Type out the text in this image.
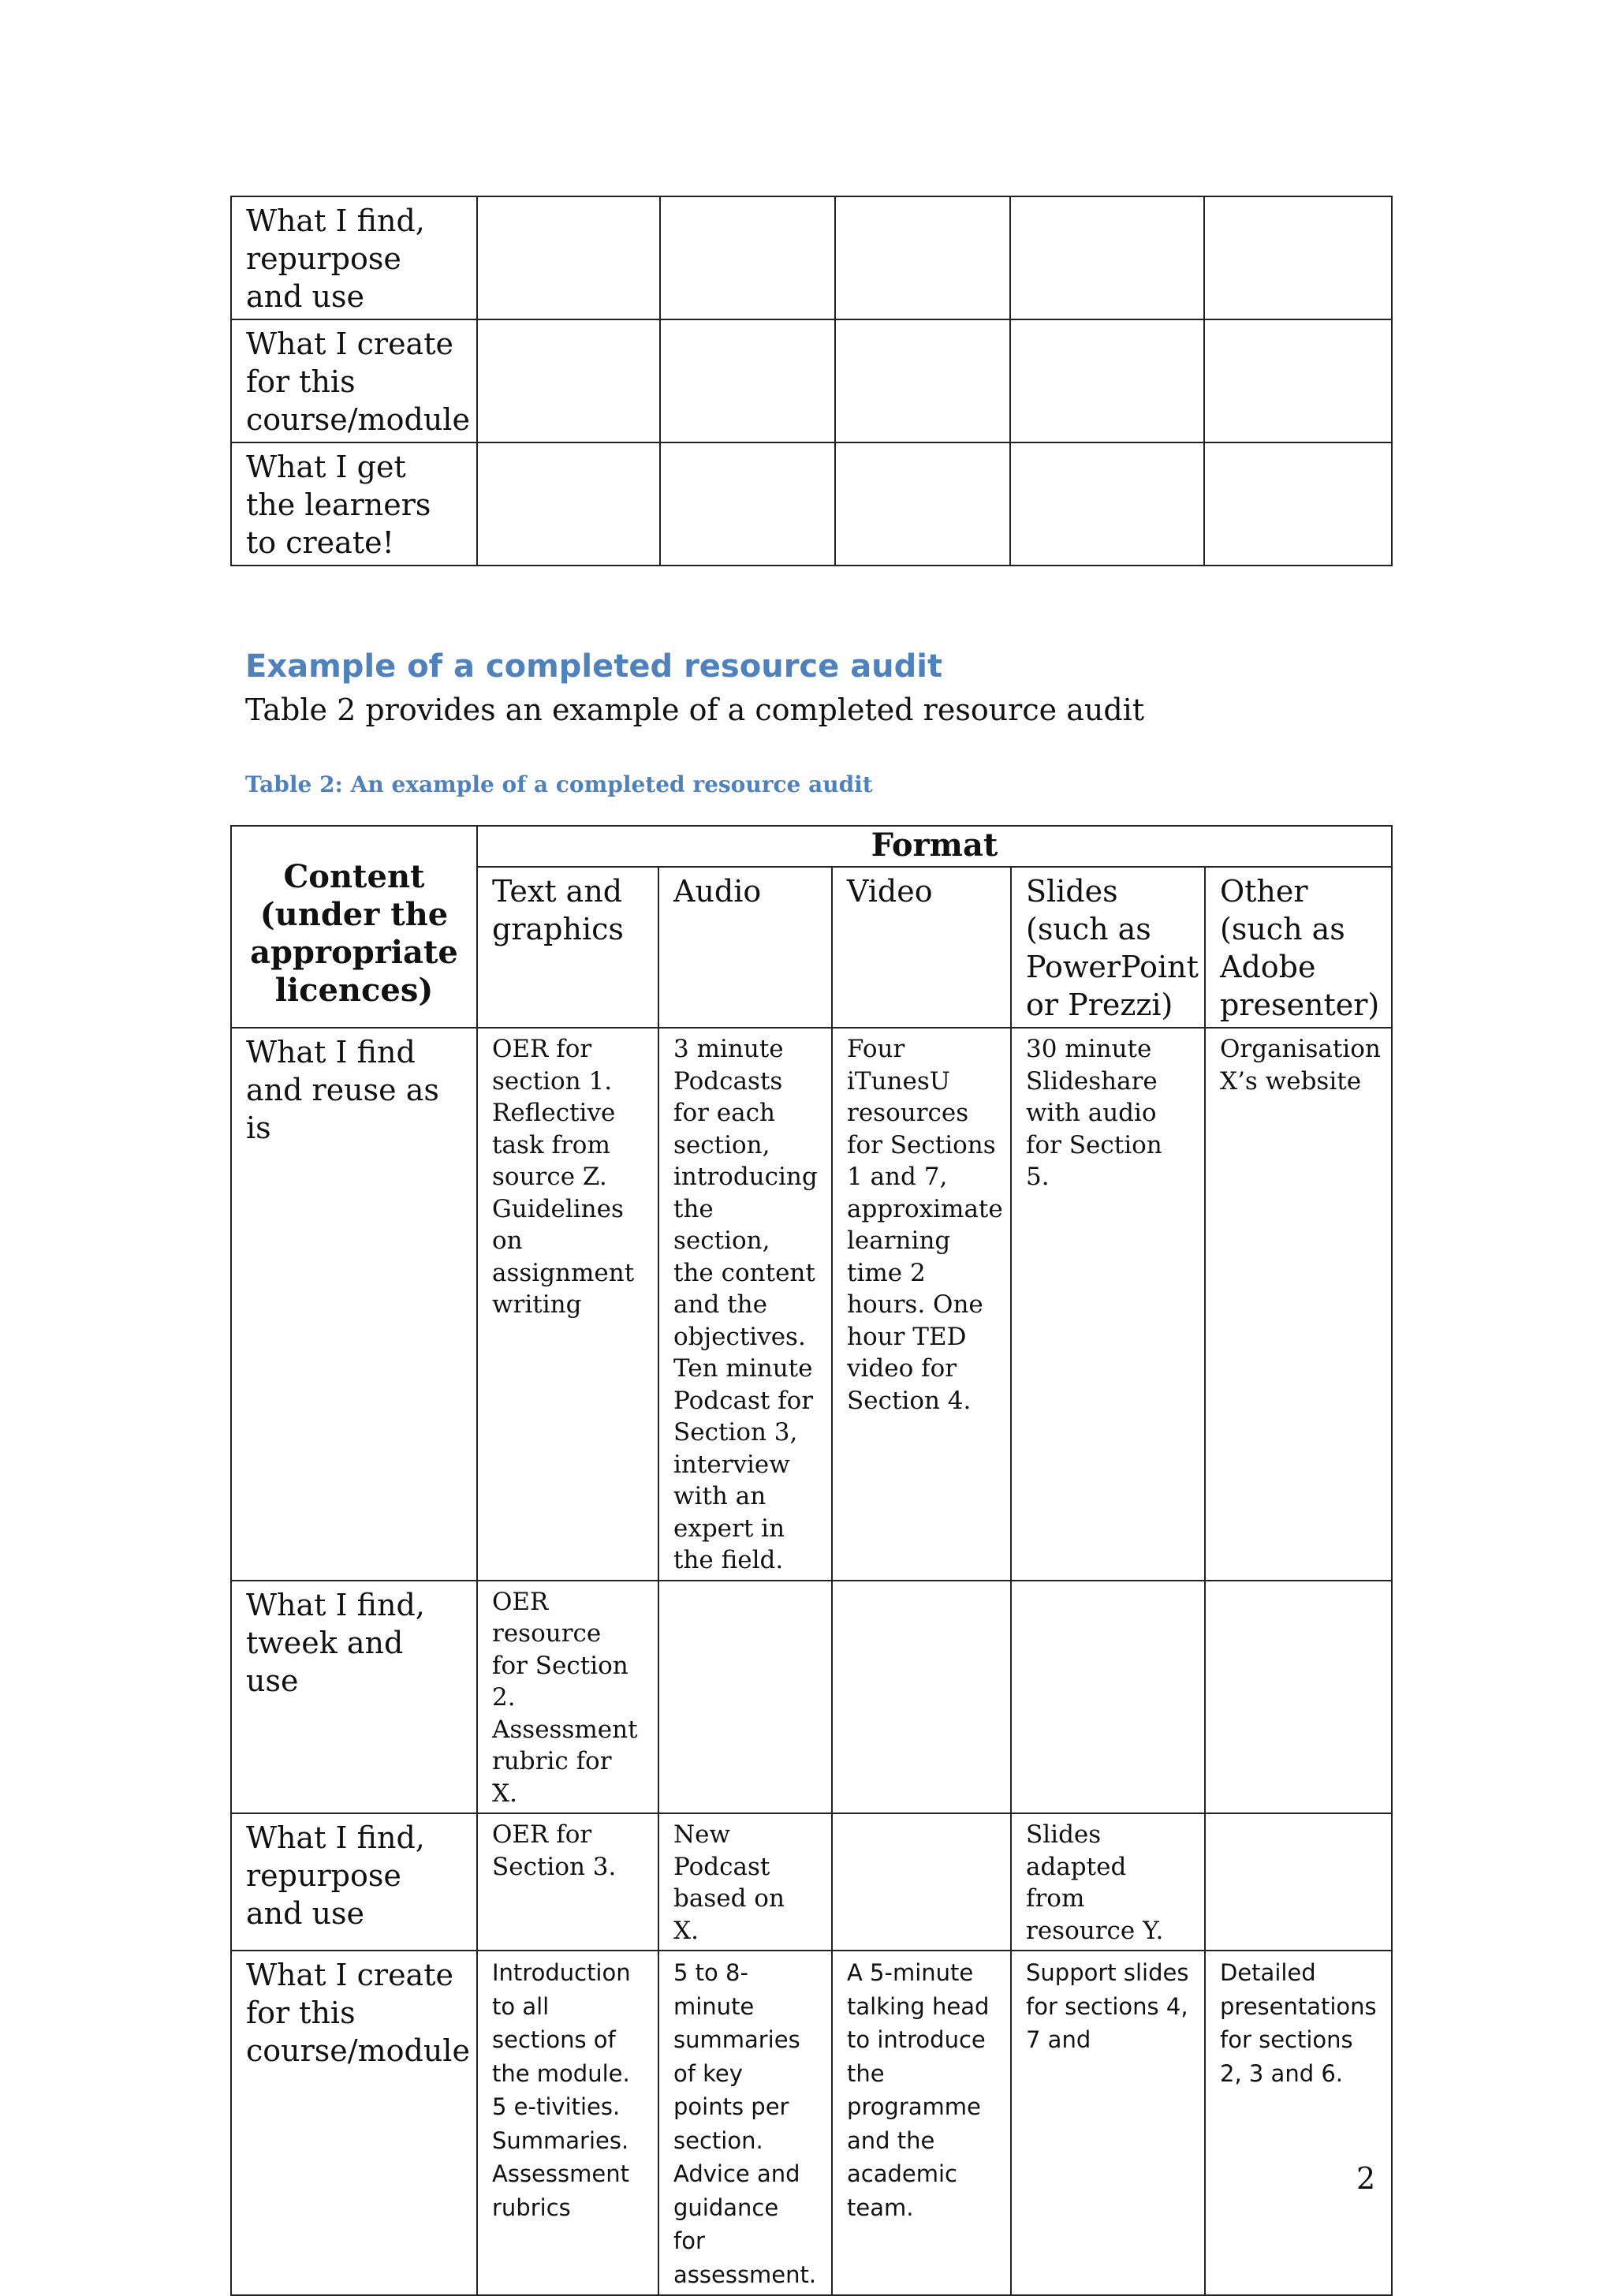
What I find, repurpose and use					
What I create for this course/module					
What I get the learners to create!					
Example of a completed resource audit

Table 2 provides an example of a completed resource audit

Table 2: An example of a completed resource audit

Content (under the appropriate licences)	Format				
	Text and graphics	Audio	Video	Slides (such as PowerPoint or Prezzi)	Other (such as Adobe presenter)
What I find and reuse as is	OER for section 1. Reflective task from source Z. Guidelines on assignment writing	3 minute Podcasts for each section, introducing the section, the content and the objectives. Ten minute Podcast for Section 3, interview with an expert in the field.	Four iTunesU resources for Sections 1 and 7, approximate learning time 2 hours. One hour TED video for Section 4.	30 minute Slideshare with audio for Section 5.	Organisation X’s website
What I find, tweek and use	OER resource for Section 2. Assessment rubric for X.				
What I find, repurpose and use	OER for Section 3.	New Podcast based on X.		Slides adapted from resource Y.	
What I create for this course/module	Introduction to all sections of the module. 5 e-tivities. Summaries. Assessment rubrics	5 to 8-minute summaries of key points per section. Advice and guidance for assessment.	A 5-minute talking head to introduce the programme and the academic team.	Support slides for sections 4, 7 and	Detailed presentations for sections 2, 3 and 6.

2
